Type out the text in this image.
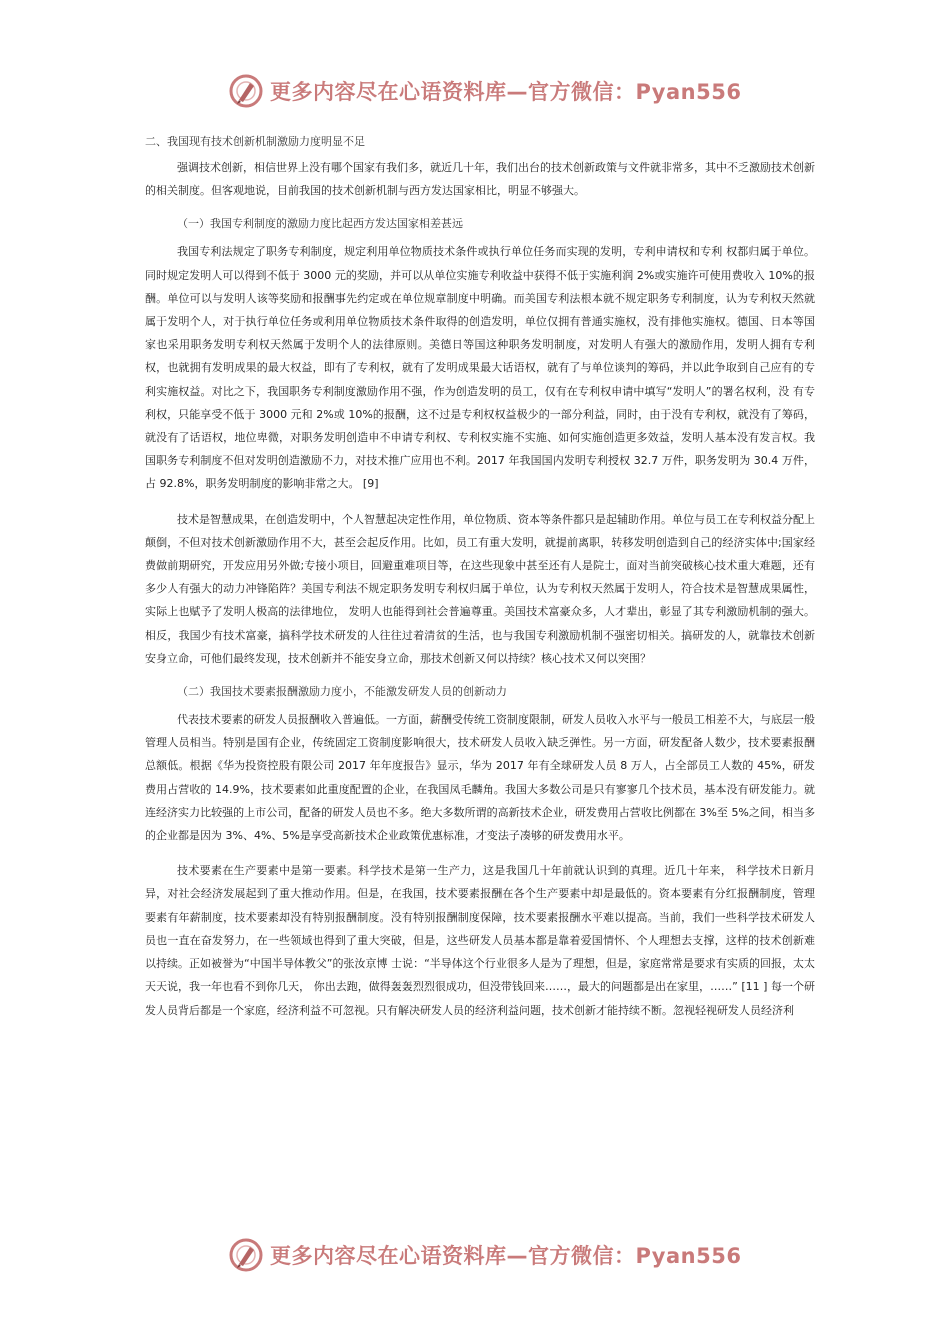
更多内容尽在心语资料库—官方微信：Pyan556

二、我国现有技术创新机制激励力度明显不足

强调技术创新，相信世界上没有哪个国家有我们多，就近几十年，我们出台的技术创新政策与文件就非常多，其中不乏激励技术创新的相关制度。但客观地说，目前我国的技术创新机制与西方发达国家相比，明显不够强大。

（一）我国专利制度的激励力度比起西方发达国家相差甚远

我国专利法规定了职务专利制度，规定利用单位物质技术条件或执行单位任务而实现的发明，专利申请权和专利 权都归属于单位。同时规定发明人可以得到不低于 3000 元的奖励，并可以从单位实施专利收益中获得不低于实施利润 2%或实施许可使用费收入 10%的报酬。单位可以与发明人该等奖励和报酬事先约定或在单位规章制度中明确。而美国专利法根本就不规定职务专利制度，认为专利权天然就属于发明个人，对于执行单位任务或利用单位物质技术条件取得的创造发明，单位仅拥有普通实施权，没有排他实施权。德国、日本等国家也采用职务发明专利权天然属于发明个人的法律原则。美德日等国这种职务发明制度，对发明人有强大的激励作用，发明人拥有专利权，也就拥有发明成果的最大权益，即有了专利权，就有了发明成果最大话语权，就有了与单位谈判的筹码，并以此争取到自己应有的专利实施权益。对比之下，我国职务专利制度激励作用不强，作为创造发明的员工，仅有在专利权申请中填写“发明人”的署名权利，没 有专利权，只能享受不低于 3000 元和 2%或 10%的报酬，这不过是专利权权益极少的一部分利益，同时，由于没有专利权，就没有了筹码，就没有了话语权，地位卑微，对职务发明创造申不申请专利权、专利权实施不实施、如何实施创造更多效益，发明人基本没有发言权。我国职务专利制度不但对发明创造激励不力，对技术推广应用也不利。2017 年我国国内发明专利授权 32.7 万件，职务发明为 30.4 万件，占 92.8%，职务发明制度的影响非常之大。 [9]

技术是智慧成果，在创造发明中，个人智慧起决定性作用，单位物质、资本等条件都只是起辅助作用。单位与员工在专利权益分配上颠倒，不但对技术创新激励作用不大，甚至会起反作用。比如，员工有重大发明，就提前离职，转移发明创造到自己的经济实体中;国家经费做前期研究，开发应用另外做;专接小项目，回避重难项目等，在这些现象中甚至还有人是院士，面对当前突破核心技术重大难题，还有多少人有强大的动力冲锋陷阵？美国专利法不规定职务发明专利权归属于单位，认为专利权天然属于发明人，符合技术是智慧成果属性，实际上也赋予了发明人极高的法律地位， 发明人也能得到社会普遍尊重。美国技术富豪众多，人才辈出，彰显了其专利激励机制的强大。相反，我国少有技术富豪，搞科学技术研发的人往往过着清贫的生活，也与我国专利激励机制不强密切相关。搞研发的人，就靠技术创新安身立命，可他们最终发现，技术创新并不能安身立命，那技术创新又何以持续？核心技术又何以突围？

（二）我国技术要素报酬激励力度小，不能激发研发人员的创新动力

代表技术要素的研发人员报酬收入普遍低。一方面，薪酬受传统工资制度限制，研发人员收入水平与一般员工相差不大，与底层一般管理人员相当。特别是国有企业，传统固定工资制度影响很大，技术研发人员收入缺乏弹性。另一方面，研发配备人数少，技术要素报酬总额低。根据《华为投资控股有限公司 2017 年年度报告》显示，华为 2017 年有全球研发人员 8 万人，占全部员工人数的 45%，研发费用占营收的 14.9%，技术要素如此重度配置的企业，在我国凤毛麟角。我国大多数公司是只有寥寥几个技术员，基本没有研发能力。就连经济实力比较强的上市公司，配备的研发人员也不多。绝大多数所谓的高新技术企业，研发费用占营收比例都在 3%至 5%之间，相当多的企业都是因为 3%、4%、5%是享受高新技术企业政策优惠标准，才变法子凑够的研发费用水平。

技术要素在生产要素中是第一要素。科学技术是第一生产力，这是我国几十年前就认识到的真理。近几十年来， 科学技术日新月异，对社会经济发展起到了重大推动作用。但是，在我国，技术要素报酬在各个生产要素中却是最低的。资本要素有分红报酬制度，管理要素有年薪制度，技术要素却没有特别报酬制度。没有特别报酬制度保障，技术要素报酬水平难以提高。当前，我们一些科学技术研发人员也一直在奋发努力，在一些领域也得到了重大突破，但是，这些研发人员基本都是靠着爱国情怀、个人理想去支撑，这样的技术创新难以持续。正如被誉为“中国半导体教父”的张汝京博 士说：“半导体这个行业很多人是为了理想，但是，家庭常常是要求有实质的回报，太太天天说，我一年也看不到你几天， 你出去跑，做得轰轰烈烈很成功，但没带钱回来……，最大的问题都是出在家里，……” [11 ] 每一个研发人员背后都是一个家庭，经济利益不可忽视。只有解决研发人员的经济利益问题，技术创新才能持续不断。忽视轻视研发人员经济利

更多内容尽在心语资料库—官方微信：Pyan556
